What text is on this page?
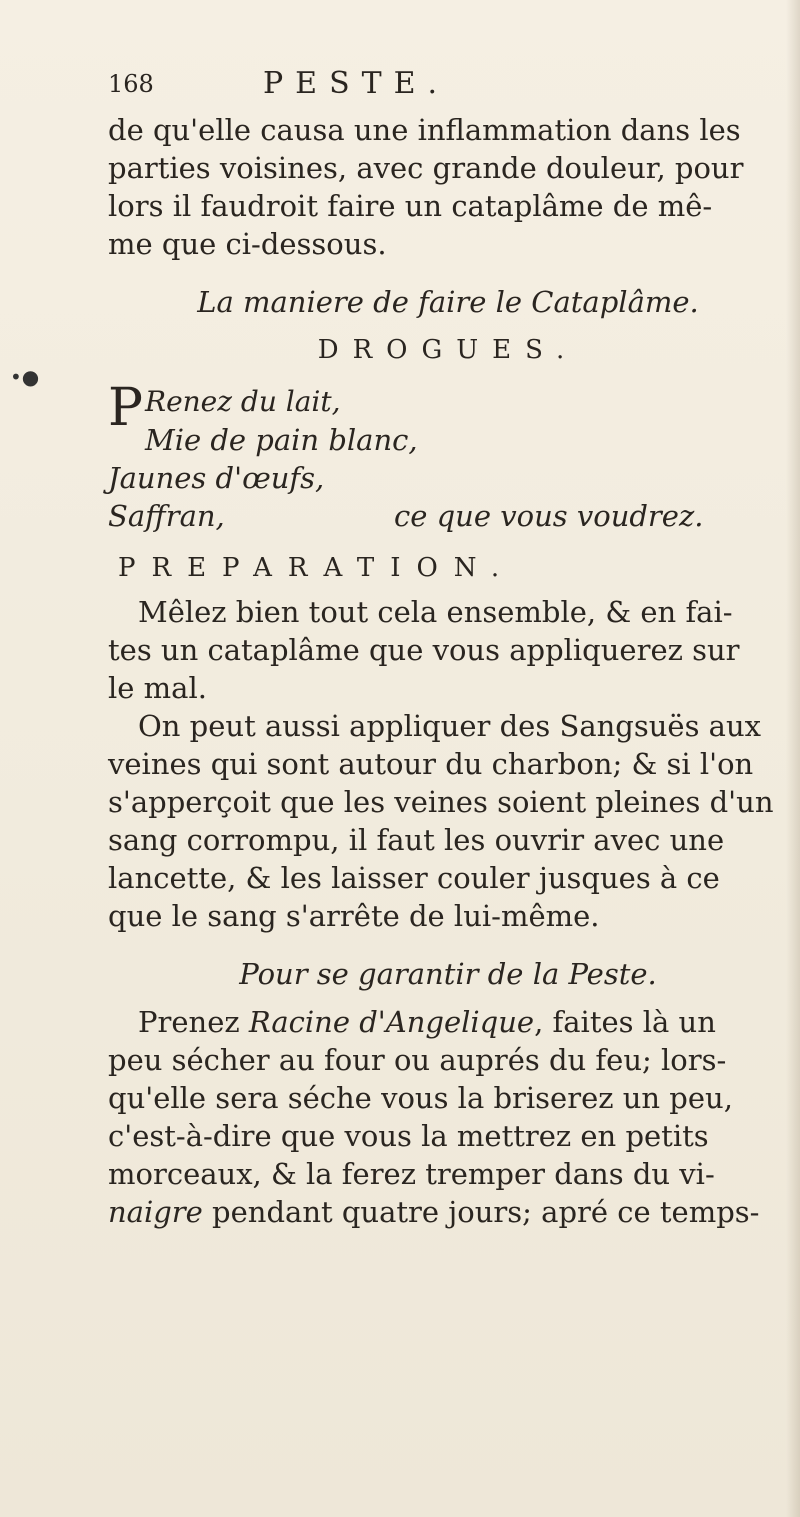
•●
168	PESTE.

de qu'elle causa une inflammation dans les
parties voisines, avec grande douleur, pour
lors il faudroit faire un cataplâme de mê-
me que ci-dessous.

La maniere de faire le Cataplâme.
DROGUES.
P Renez du lait,
Mie de pain blanc,
Jaunes d'œufs,
Saffran,	ce que vous voudrez.
PREPARATION.

Mêlez bien tout cela ensemble, & en fai-
tes un cataplâme que vous appliquerez sur
le mal.

On peut aussi appliquer des Sangsuës aux
veines qui sont autour du charbon; & si l'on
s'apperçoit que les veines soient pleines d'un
sang corrompu, il faut les ouvrir avec une
lancette, & les laisser couler jusques à ce
que le sang s'arrête de lui-même.

Pour se garantir de la Peste.

Prenez Racine d'Angelique, faites là un
peu sécher au four ou auprés du feu; lors-
qu'elle sera séche vous la briserez un peu,
c'est-à-dire que vous la mettrez en petits
morceaux, & la ferez tremper dans du vi-
naigre pendant quatre jours; apré ce temps-
